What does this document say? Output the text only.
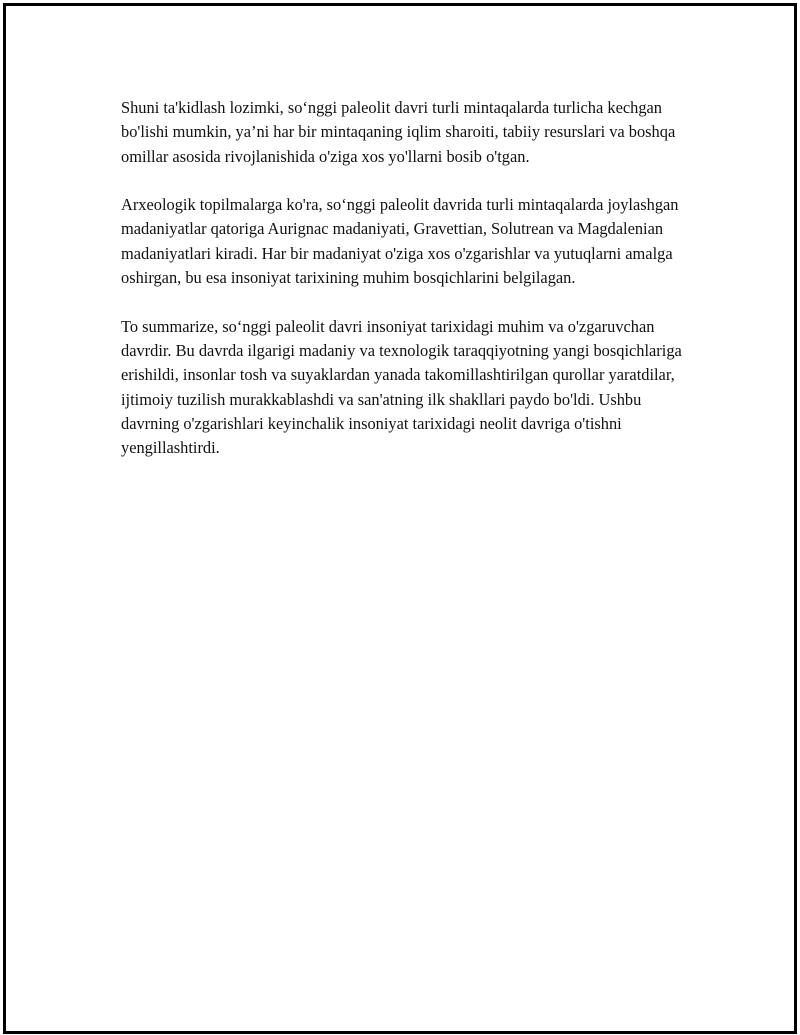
Shuni ta'kidlash lozimki, so‘nggi paleolit davri turli mintaqalarda turlicha kechgan bo'lishi mumkin, ya’ni har bir mintaqaning iqlim sharoiti, tabiiy resurslari va boshqa omillar asosida rivojlanishida o'ziga xos yo'llarni bosib o'tgan.

Arxeologik topilmalarga ko'ra, so‘nggi paleolit davrida turli mintaqalarda joylashgan madaniyatlar qatoriga Aurignac madaniyati, Gravettian, Solutrean va Magdalenian madaniyatlari kiradi. Har bir madaniyat o'ziga xos o'zgarishlar va yutuqlarni amalga oshirgan, bu esa insoniyat tarixining muhim bosqichlarini belgilagan.

To summarize, so‘nggi paleolit davri insoniyat tarixidagi muhim va o'zgaruvchan davrdir. Bu davrda ilgarigi madaniy va texnologik taraqqiyotning yangi bosqichlariga erishildi, insonlar tosh va suyaklardan yanada takomillashtirilgan qurollar yaratdilar, ijtimoiy tuzilish murakkablashdi va san'atning ilk shakllari paydo bo'ldi. Ushbu davrning o'zgarishlari keyinchalik insoniyat tarixidagi neolit davriga o'tishni yengillashtirdi.
